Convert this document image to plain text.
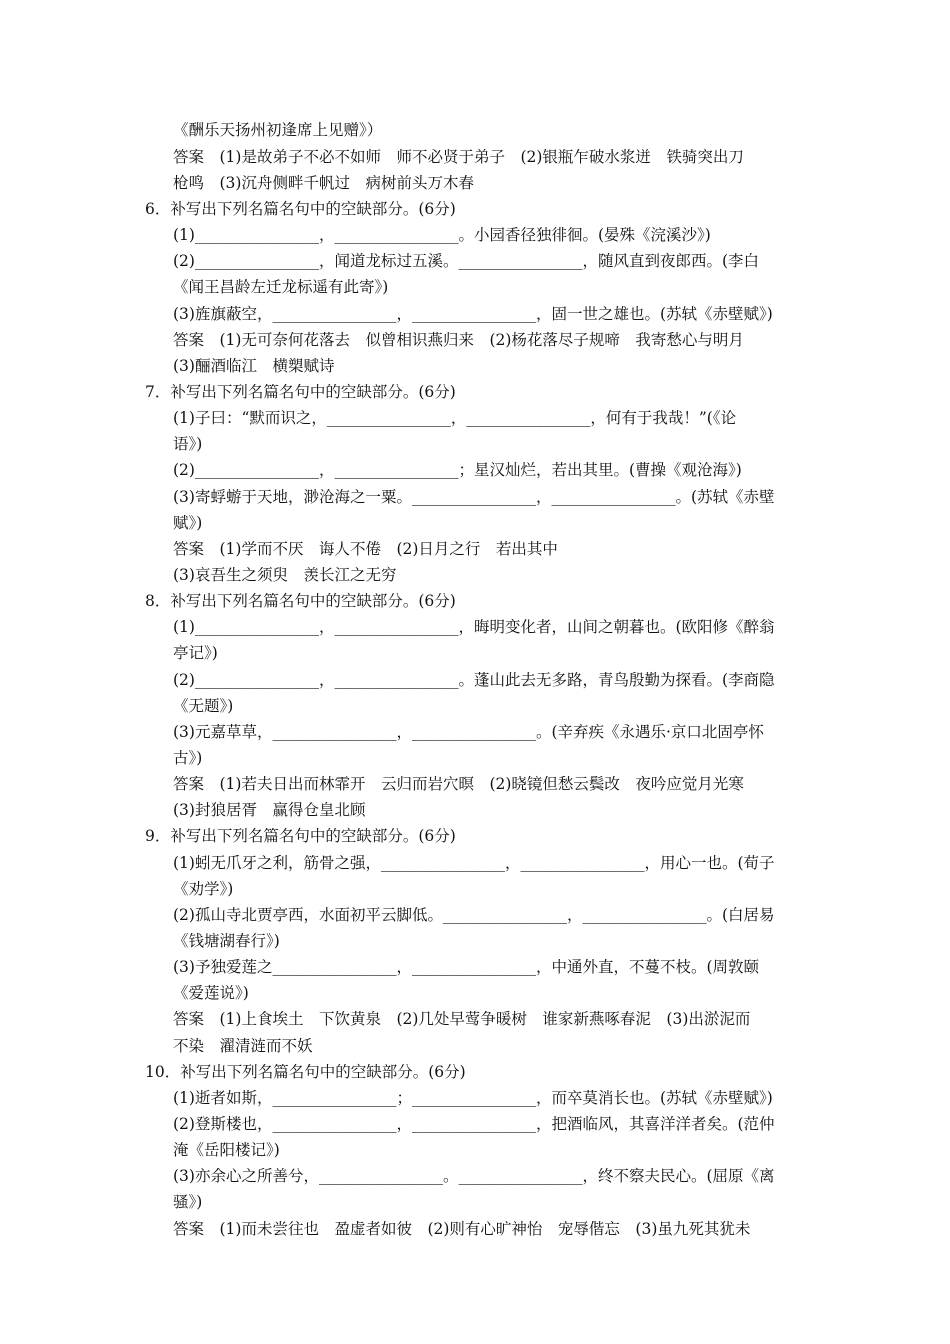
《酬乐天扬州初逢席上见赠》）
答案　(1)是故弟子不必不如师　师不必贤于弟子　(2)银瓶乍破水浆迸　铁骑突出刀
枪鸣　(3)沉舟侧畔千帆过　病树前头万木春
6．补写出下列名篇名句中的空缺部分。(6分)
(1)________________，________________。小园香径独徘徊。(晏殊《浣溪沙》)
(2)________________，闻道龙标过五溪。________________，随风直到夜郎西。(李白
《闻王昌龄左迁龙标遥有此寄》)
(3)旌旗蔽空，________________，________________，固一世之雄也。(苏轼《赤壁赋》)
答案　(1)无可奈何花落去　似曾相识燕归来　(2)杨花落尽子规啼　我寄愁心与明月
(3)酾酒临江　横槊赋诗
7．补写出下列名篇名句中的空缺部分。(6分)
(1)子曰：“默而识之，________________，________________，何有于我哉！”(《论
语》)
(2)________________，________________；星汉灿烂，若出其里。(曹操《观沧海》)
(3)寄蜉蝣于天地，渺沧海之一粟。________________，________________。(苏轼《赤壁
赋》)
答案　(1)学而不厌　诲人不倦　(2)日月之行　若出其中
(3)哀吾生之须臾　羡长江之无穷
8．补写出下列名篇名句中的空缺部分。(6分)
(1)________________，________________，晦明变化者，山间之朝暮也。(欧阳修《醉翁
亭记》)
(2)________________，________________。蓬山此去无多路，青鸟殷勤为探看。(李商隐
《无题》)
(3)元嘉草草，________________，________________。(辛弃疾《永遇乐·京口北固亭怀
古》)
答案　(1)若夫日出而林霏开　云归而岩穴暝　(2)晓镜但愁云鬓改　夜吟应觉月光寒
(3)封狼居胥　赢得仓皇北顾
9．补写出下列名篇名句中的空缺部分。(6分)
(1)蚓无爪牙之利，筋骨之强，________________，________________，用心一也。(荀子
《劝学》)
(2)孤山寺北贾亭西，水面初平云脚低。________________，________________。(白居易
《钱塘湖春行》)
(3)予独爱莲之________________，________________，中通外直，不蔓不枝。(周敦颐
《爱莲说》)
答案　(1)上食埃土　下饮黄泉　(2)几处早莺争暖树　谁家新燕啄春泥　(3)出淤泥而
不染　濯清涟而不妖
10．补写出下列名篇名句中的空缺部分。(6分)
(1)逝者如斯，________________；________________，而卒莫消长也。(苏轼《赤壁赋》)
(2)登斯楼也，________________，________________，把酒临风，其喜洋洋者矣。(范仲
淹《岳阳楼记》)
(3)亦余心之所善兮，________________。________________，终不察夫民心。(屈原《离
骚》)
答案　(1)而未尝往也　盈虚者如彼　(2)则有心旷神怡　宠辱偕忘　(3)虽九死其犹未
